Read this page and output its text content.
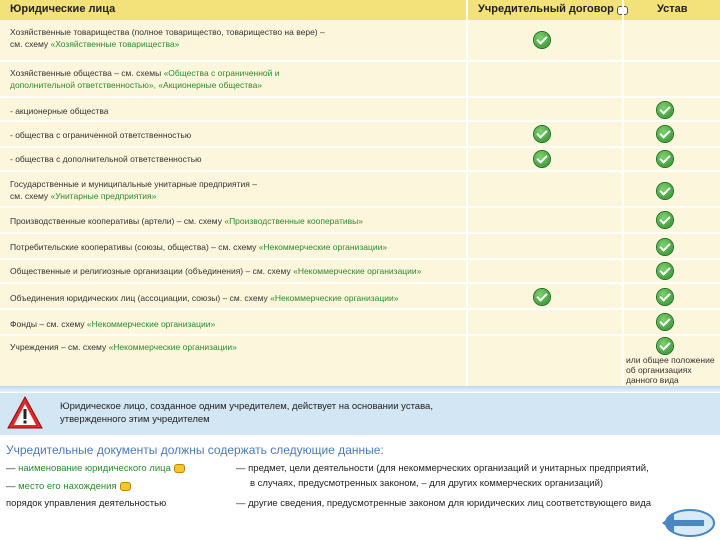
Юридические лица	Учредительный договор	Устав
Хозяйственные товарищества (полное товарищество, товарищество на вере) –
см. схему «Хозяйственные товарищества»
Хозяйственные общества – см. схемы «Общества с ограниченной и
дополнительной ответственностью», «Акционерные общества»
- акционерные общества
- общества с ограниченной ответственностью
- общества с дополнительной ответственностью
Государственные и муниципальные унитарные предприятия –
см. схему «Унитарные предприятия»
Производственные кооперативы (артели) – см. схему «Производственные кооперативы»
Потребительские кооперативы (союзы, общества) – см. схему «Некоммерческие организации»
Общественные и религиозные организации (объединения) – см. схему «Некоммерческие организации»
Объединения юридических лиц (ассоциации, союзы) – см. схему «Некоммерческие организации»
Фонды – см. схему «Некоммерческие организации»
Учреждения – см. схему «Некоммерческие организации»
или общее положение
об организациях
данного вида
Юридическое лицо, созданное одним учредителем, действует на основании устава,
утвержденного этим учредителем
Учредительные документы должны содержать следующие данные:
— наименование юридического лица
— место его нахождения
порядок управления деятельностью
— предмет, цели деятельности (для некоммерческих организаций и унитарных предприятий,
в случаях, предусмотренных законом, – для других коммерческих организаций)
— другие сведения, предусмотренные законом для юридических лиц соответствующего вида
